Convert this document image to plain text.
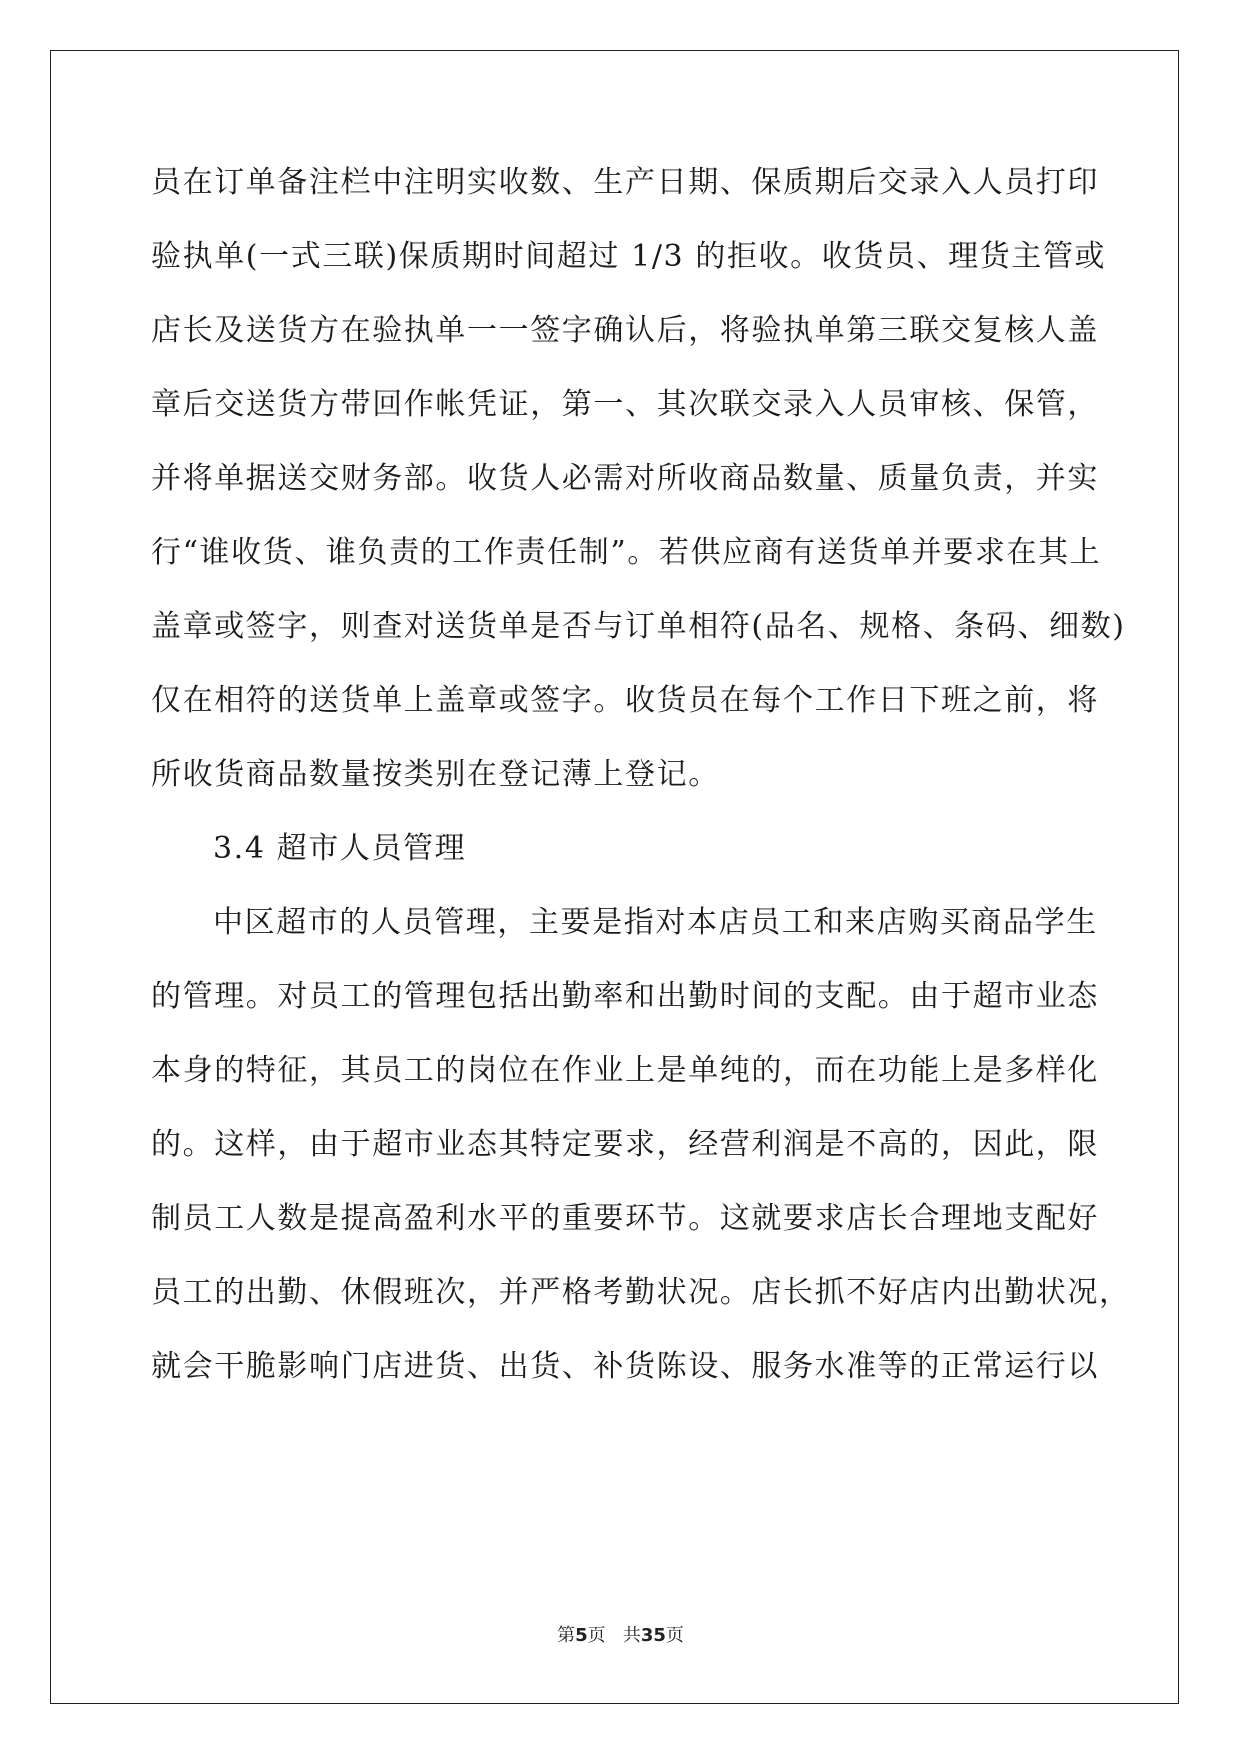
员在订单备注栏中注明实收数、生产日期、保质期后交录入人员打印
验执单(一式三联)保质期时间超过 1/3 的拒收。收货员、理货主管或
店长及送货方在验执单一一签字确认后，将验执单第三联交复核人盖
章后交送货方带回作帐凭证，第一、其次联交录入人员审核、保管，
并将单据送交财务部。收货人必需对所收商品数量、质量负责，并实
行“谁收货、谁负责的工作责任制”。若供应商有送货单并要求在其上
盖章或签字，则查对送货单是否与订单相符(品名、规格、条码、细数)
仅在相符的送货单上盖章或签字。收货员在每个工作日下班之前，将
所收货商品数量按类别在登记薄上登记。
3.4 超市人员管理
中区超市的人员管理，主要是指对本店员工和来店购买商品学生
的管理。对员工的管理包括出勤率和出勤时间的支配。由于超市业态
本身的特征，其员工的岗位在作业上是单纯的，而在功能上是多样化
的。这样，由于超市业态其特定要求，经营利润是不高的，因此，限
制员工人数是提高盈利水平的重要环节。这就要求店长合理地支配好
员工的出勤、休假班次，并严格考勤状况。店长抓不好店内出勤状况，
就会干脆影响门店进货、出货、补货陈设、服务水准等的正常运行以
第5页 共35页
